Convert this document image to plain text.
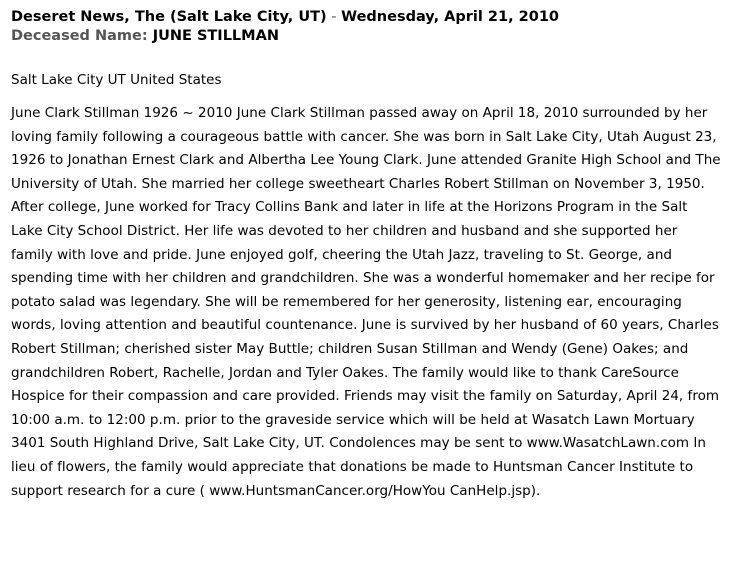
Deseret News, The (Salt Lake City, UT) - Wednesday, April 21, 2010
Deceased Name: JUNE STILLMAN
Salt Lake City UT United States
June Clark Stillman 1926 ~ 2010 June Clark Stillman passed away on April 18, 2010 surrounded by her loving family following a courageous battle with cancer. She was born in Salt Lake City, Utah August 23, 1926 to Jonathan Ernest Clark and Albertha Lee Young Clark. June attended Granite High School and The University of Utah. She married her college sweetheart Charles Robert Stillman on November 3, 1950. After college, June worked for Tracy Collins Bank and later in life at the Horizons Program in the Salt Lake City School District. Her life was devoted to her children and husband and she supported her family with love and pride. June enjoyed golf, cheering the Utah Jazz, traveling to St. George, and spending time with her children and grandchildren. She was a wonderful homemaker and her recipe for potato salad was legendary. She will be remembered for her generosity, listening ear, encouraging words, loving attention and beautiful countenance. June is survived by her husband of 60 years, Charles Robert Stillman; cherished sister May Buttle; children Susan Stillman and Wendy (Gene) Oakes; and grandchildren Robert, Rachelle, Jordan and Tyler Oakes. The family would like to thank CareSource Hospice for their compassion and care provided. Friends may visit the family on Saturday, April 24, from 10:00 a.m. to 12:00 p.m. prior to the graveside service which will be held at Wasatch Lawn Mortuary 3401 South Highland Drive, Salt Lake City, UT. Condolences may be sent to www.WasatchLawn.com In lieu of flowers, the family would appreciate that donations be made to Huntsman Cancer Institute to support research for a cure ( www.HuntsmanCancer.org/HowYou CanHelp.jsp).
